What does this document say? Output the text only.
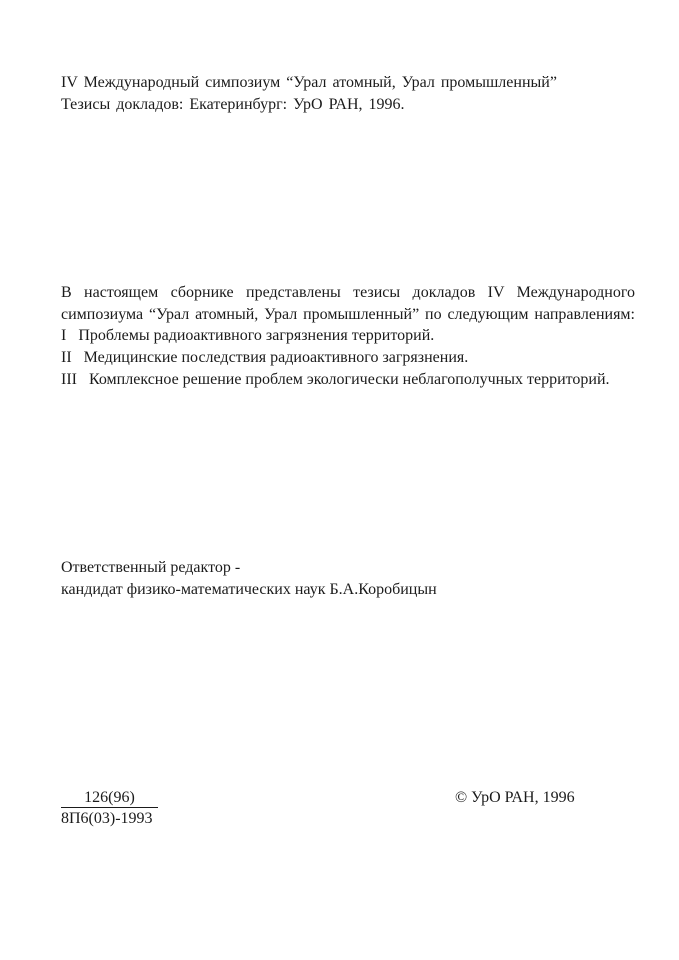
IV Международный симпозиум “Урал атомный, Урал промышленный”
Тезисы докладов: Екатеринбург: УрО РАН, 1996.
В настоящем сборнике представлены тезисы докладов IV Международного
симпозиума “Урал атомный, Урал промышленный” по следующим направлениям:
I Проблемы радиоактивного загрязнения территорий.
II Медицинские последствия радиоактивного загрязнения.
III Комплексное решение проблем экологически неблагополучных территорий.
Ответственный редактор -
кандидат физико-математических наук Б.А.Коробицын
126(96)
8П6(03)-1993
© УрО РАН, 1996
